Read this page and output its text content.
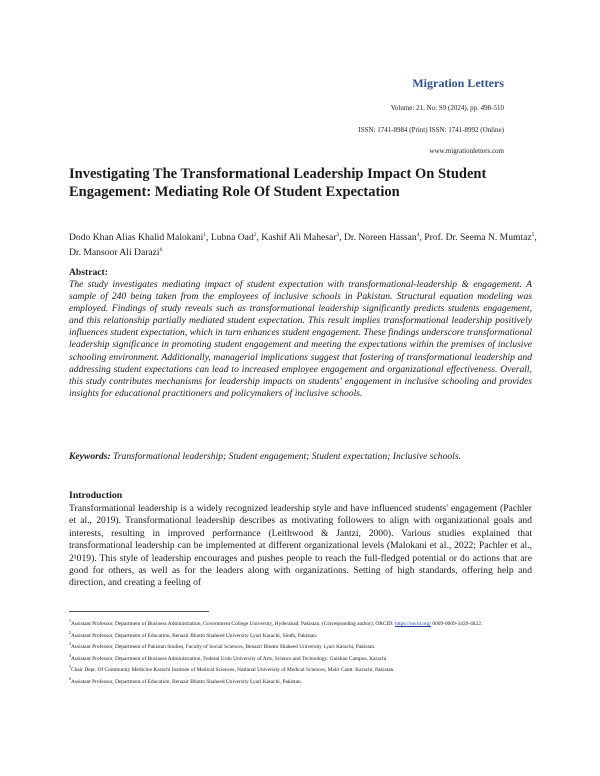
Migration Letters
Volume: 21, No: S9 (2024), pp. 498-510
ISSN: 1741-8984 (Print) ISSN: 1741-8992 (Online)
www.migrationletters.com
Investigating The Transformational Leadership Impact On Student Engagement: Mediating Role Of Student Expectation
Dodo Khan Alias Khalid Malokani$^1$, Lubna Oad$^2$, Kashif Ali Mahesar$^3$, Dr. Noreen Hassan$^4$, Prof. Dr. Seema N. Mumtaz$^5$, Dr. Mansoor Ali Darazi$^6$
Abstract:
The study investigates mediating impact of student expectation with transformational-leadership & engagement. A sample of 240 being taken from the employees of inclusive schools in Pakistan. Structural equation modeling was employed. Findings of study reveals such as transformational leadership significantly predicts students engagement, and this relationship partially mediated student expectation. This result implies transformational leadership positively influences student expectation, which in turn enhances student engagement. These findings underscore transformational leadership significance in promoting student engagement and meeting the expectations within the premises of inclusive schooling environment. Additionally, managerial implications suggest that fostering of transformational leadership and addressing student expectations can lead to increased employee engagement and organizational effectiveness. Overall, this study contributes mechanisms for leadership impacts on students' engagement in inclusive schooling and provides insights for educational practitioners and policymakers of inclusive schools.
Keywords: Transformational leadership; Student engagement; Student expectation; Inclusive schools.
Introduction
Transformational leadership is a widely recognized leadership style and have influenced students' engagement (Pachler et al., 2019). Transformational leadership describes as motivating followers to align with organizational goals and interests, resulting in improved performance (Leithwood & Jantzi, 2000). Various studies explained that transformational leadership can be implemented at different organizational levels (Malokani et al., 2022; Pachler et al., 2¹019). This style of leadership encourages and pushes people to reach the full-fledged potential or do actions that are good for others, as well as for the leaders along with organizations. Setting of high standards, offering help and direction, and creating a feeling of

$^1$Assistant Professor, Department of Business Administration, Government College University, Hyderabad, Pakistan, (Corresponding author), ORCID: https://orcid.org/ 0009-0009-3439-4822.

$^2$Assistant Professor, Department of Education, Benazir Bhutto Shaheed University Lyari Karachi, Sindh, Pakistan.

$^3$Assistant Professor, Department of Pakistan Studies, Faculty of Social Sciences, Benazir Bhutto Shaheed University Lyari Karachi, Pakistan.

$^4$Assistant Professor, Department of Business Administration, Federal Urdu University of Arts, Science and Technology. Gulshan Campus, Karachi.

$^5$Chair Dept. Of Community Medicine Karachi Institute of Medical Sciences, National University of Medical Sciences, Malir Cantt. Karachi, Pakistan.

$^6$Assistant Professor, Department of Education, Benazir Bhutto Shaheed University Lyari Karachi, Pakistan.
